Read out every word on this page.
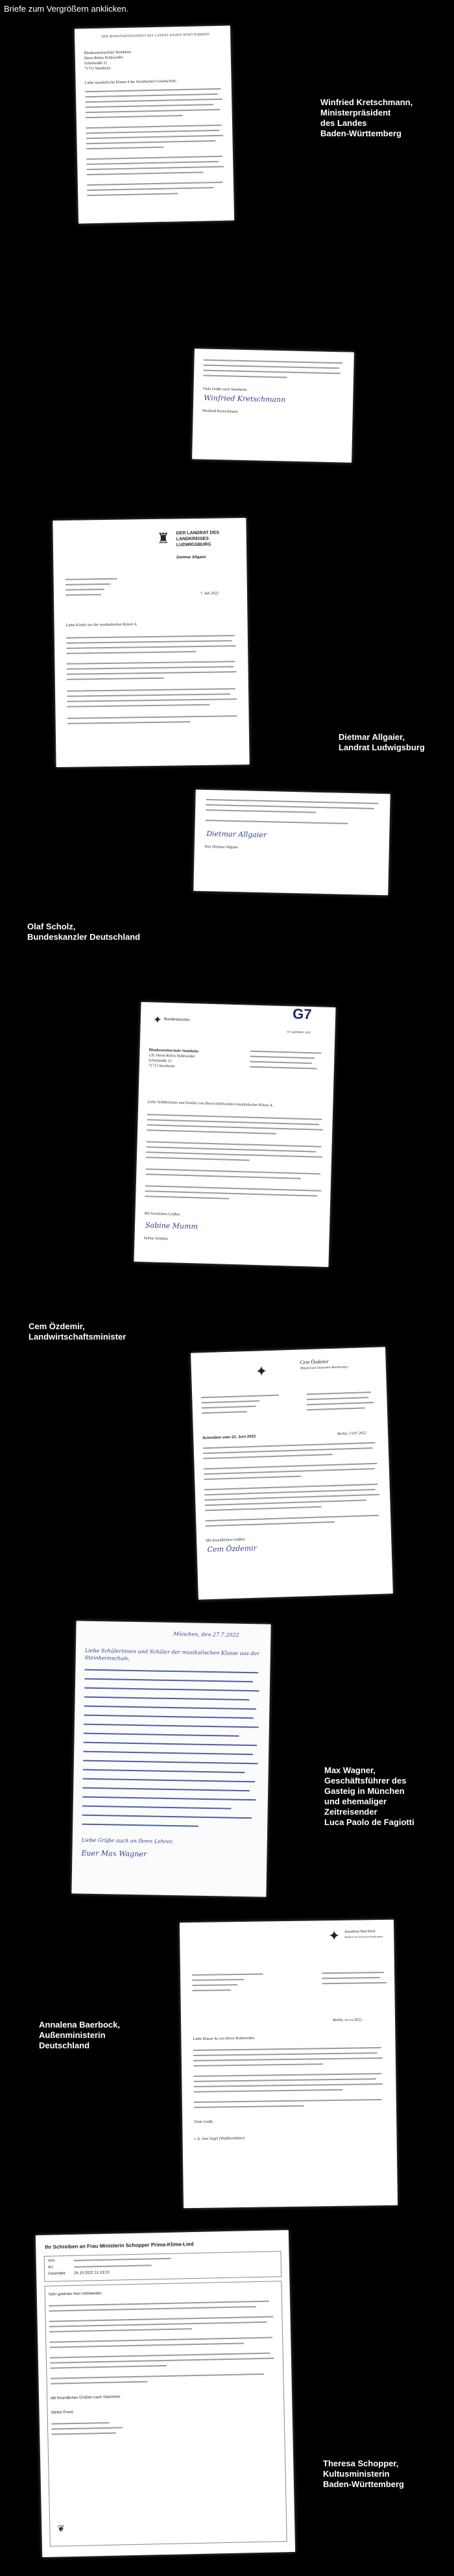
Briefe zum Vergrößern anklicken.
DER MINISTERPRÄSIDENT DES LANDES BADEN-WÜRTTEMBERG
Blankensteinschule Steinheim
Herrn Robin Hohlweider
Schulstraße 21
71711 Steinheim
Liebe musikalische Klasse 4 der Steinheimer Grundschule,
Winfried Kretschmann,
Ministerpräsident
des Landes
Baden-Württemberg
Viele Grüße nach Steinheim
Winfried Kretschmann
Winfried Kretschmann
♜	DER LANDRAT DES LANDKREISES LUDWIGSBURG
Dietmar Allgaier
7. Juli 2022
Liebe Kinder aus der musikalischen Klasse 4,
Dietmar Allgaier,
Landrat Ludwigsburg
Dietmar Allgaier
Ihre Dietmar Allgaier
Olaf Scholz,
Bundeskanzler Deutschland
✦ Bundeskanzler	G7
G7 GERMANY 2022
Blankensteinschule Steinheim
z.H. Herrn Robin Hohlweider
Schulstraße 21
71711 Steinheim
Liebe Schülerinnen und Schüler von Herrn Hohlweiders musikalischer Klasse 4,
Mit herzlichen Grüßen
Sabine Mumm
Sabine Schmitz
Cem Özdemir,
Landwirtschaftsminister
✦
Cem Özdemir
Mitglied des Deutschen Bundestages
Schreiben vom 23. Juni 2022
Berlin, 13.07.2022
Mit freundlichen Grüßen
Cem Özdemir
München, den 27.7.2022
Liebe Schülerinnen und Schüler der musikalischen Klasse aus der Steinheimschule,
Liebe Grüße auch an Ihren Lehrer,
Euer Max Wagner
Max Wagner,
Geschäftsführer des
Gasteig in München
und ehemaliger
Zeitreisender
Luca Paolo de Fagiotti
Annalena Baerbock,
Außenministerin
Deutschland
✦	Annalena Baerbock
Mitglied des Deutschen Bundestages
Berlin, xx.xx.2022
Liebe Klasse 4a von Herrn Hohlweider,
Viele Grüße
i. A. Jens Tegel (Wahlkreisbüro)
Ihr Schreiben an Frau Ministerin Schopper Prima-Klima-Lied
Von:
An:
Gesendet: 26.10.2022 11:13:15
Sehr geehrter Herr Hohlweider,
Mit freundlichen Grüßen nach Steinheim
Stefan Franz
❦
Theresa Schopper,
Kultusministerin
Baden-Württemberg
